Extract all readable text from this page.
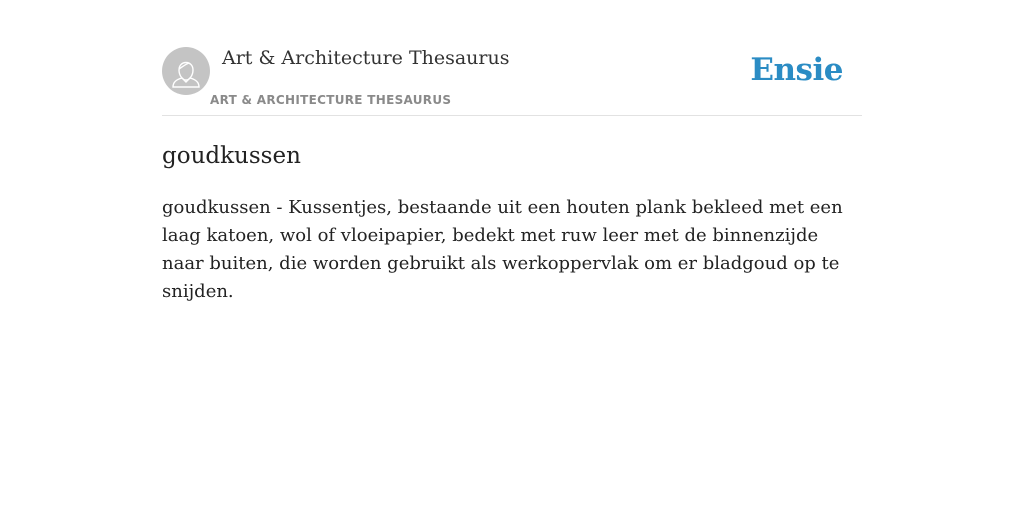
Art & Architecture Thesaurus
ART & ARCHITECTURE THESAURUS
Ensie
goudkussen

goudkussen - Kussentjes, bestaande uit een houten plank bekleed met een laag katoen, wol of vloeipapier, bedekt met ruw leer met de binnenzijde naar buiten, die worden gebruikt als werkoppervlak om er bladgoud op te snijden.
